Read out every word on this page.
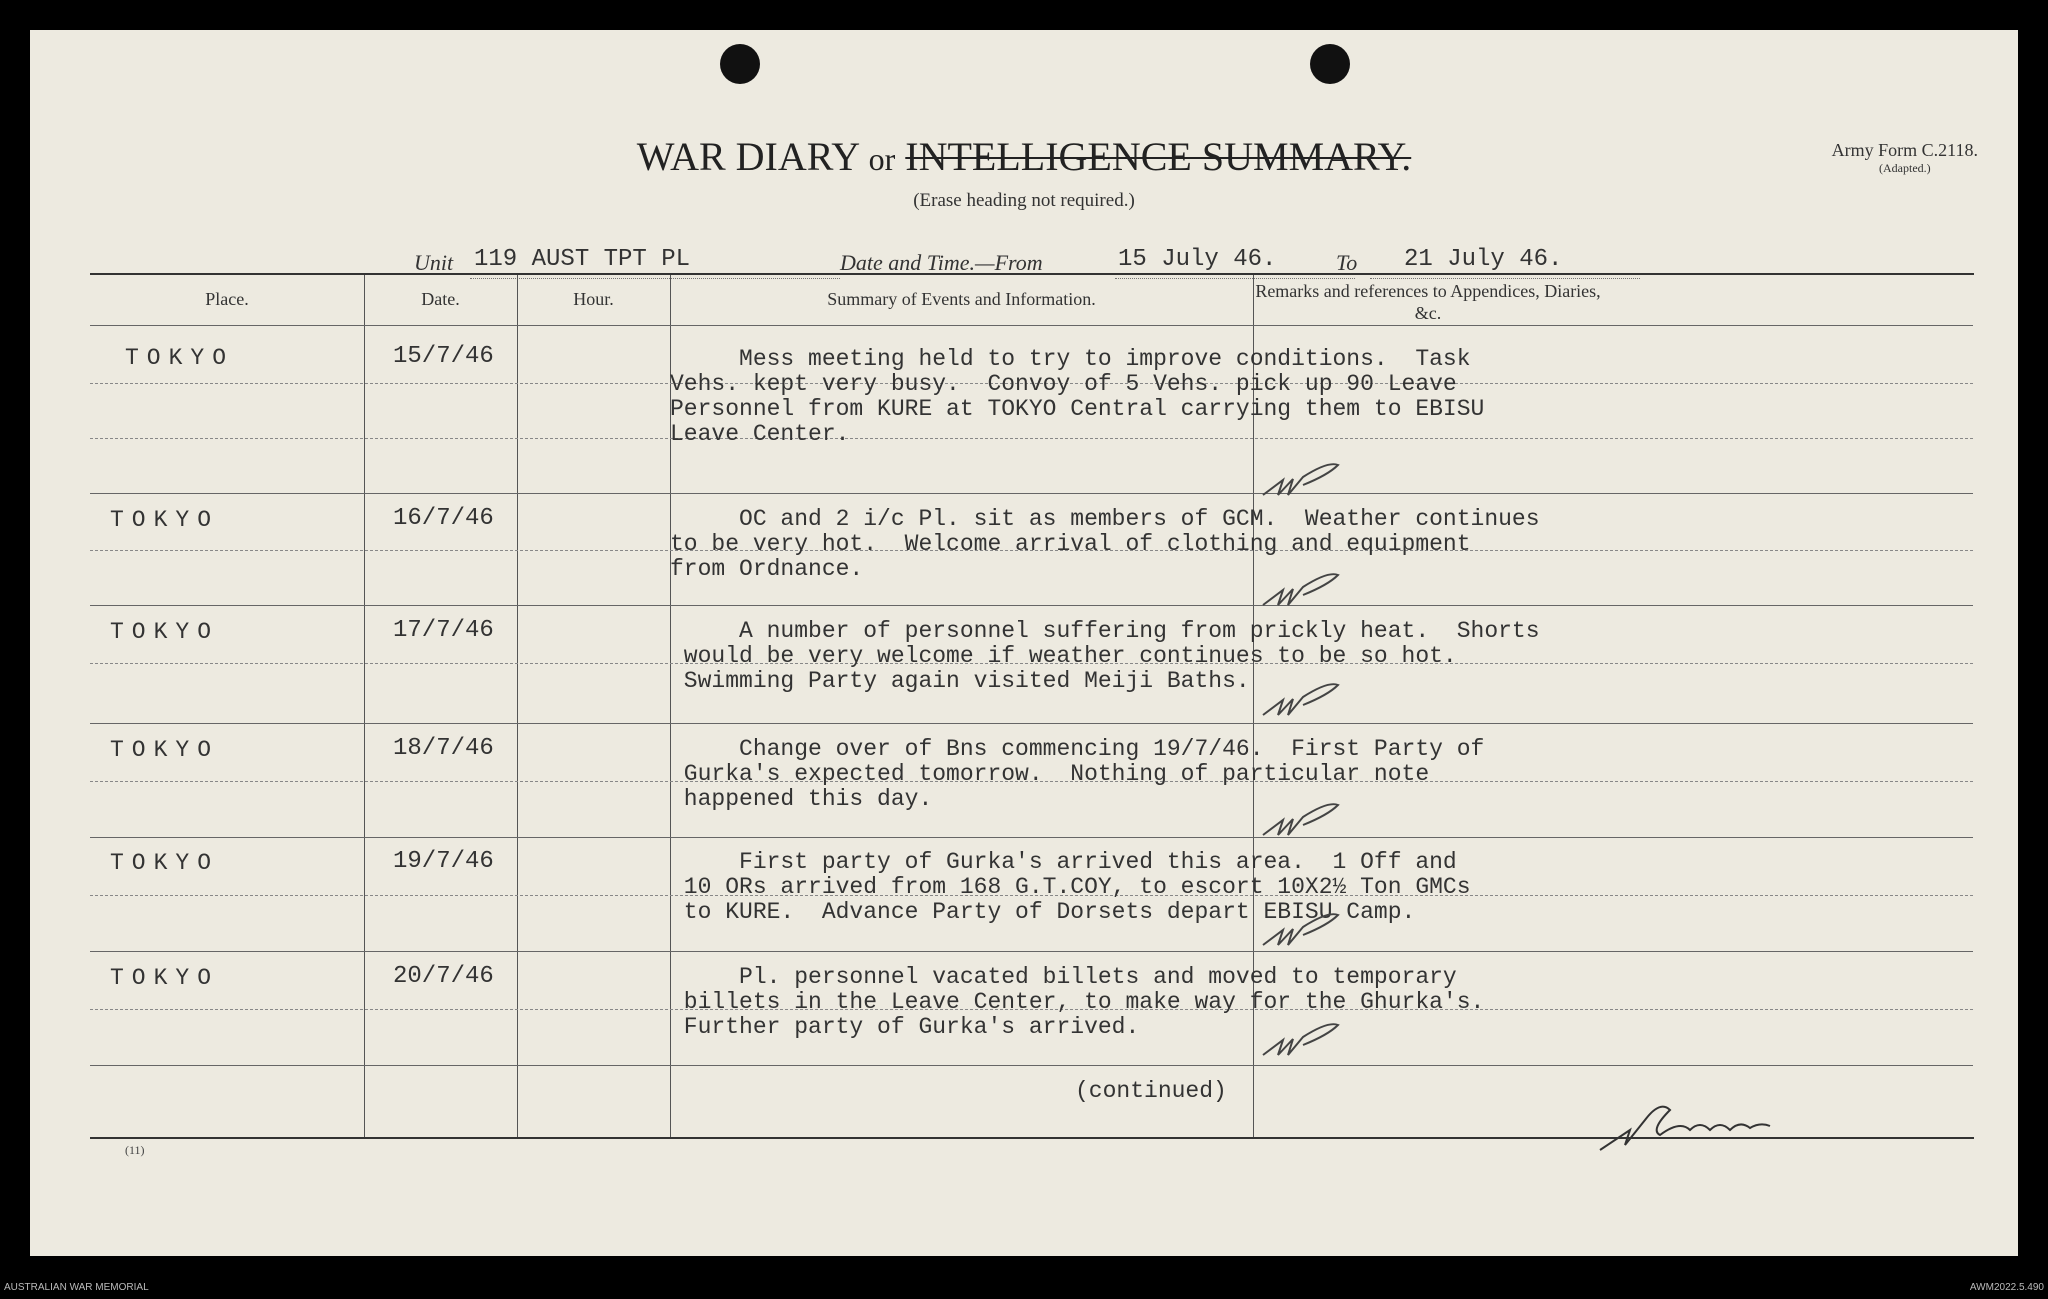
WAR DIARY or INTELLIGENCE SUMMARY.
(Erase heading not required.)
Army Form C.2118.
(Adapted.)
Unit 119 AUST TPT PL	Date and Time.—From	15 July 46.	To 21 July 46.
Place.	Date.	Hour.	Summary of Events and Information.	Remarks and references to Appendices, Diaries, &c.
TOKYO	15/7/46	Mess meeting held to try to improve conditions.  Task
Vehs. kept very busy.  Convoy of 5 Vehs. pick up 90 Leave
Personnel from KURE at TOKYO Central carrying them to EBISU
Leave Center.
TOKYO	16/7/46	OC and 2 i/c Pl. sit as members of GCM.  Weather continues
to be very hot.  Welcome arrival of clothing and equipment
from Ordnance.
TOKYO	17/7/46	A number of personnel suffering from prickly heat.  Shorts
would be very welcome if weather continues to be so hot.
Swimming Party again visited Meiji Baths.
TOKYO	18/7/46	Change over of Bns commencing 19/7/46.  First Party of
Gurka's expected tomorrow.  Nothing of particular note
happened this day.
TOKYO	19/7/46	First party of Gurka's arrived this area.  1 Off and
10 ORs arrived from 168 G.T.COY, to escort 10X2½ Ton GMCs
to KURE.  Advance Party of Dorsets depart EBISU Camp.
TOKYO	20/7/46	Pl. personnel vacated billets and moved to temporary
billets in the Leave Center, to make way for the Ghurka's.
Further party of Gurka's arrived.
(continued)
(11)
AUSTRALIAN WAR MEMORIAL	AWM2022.5.490
